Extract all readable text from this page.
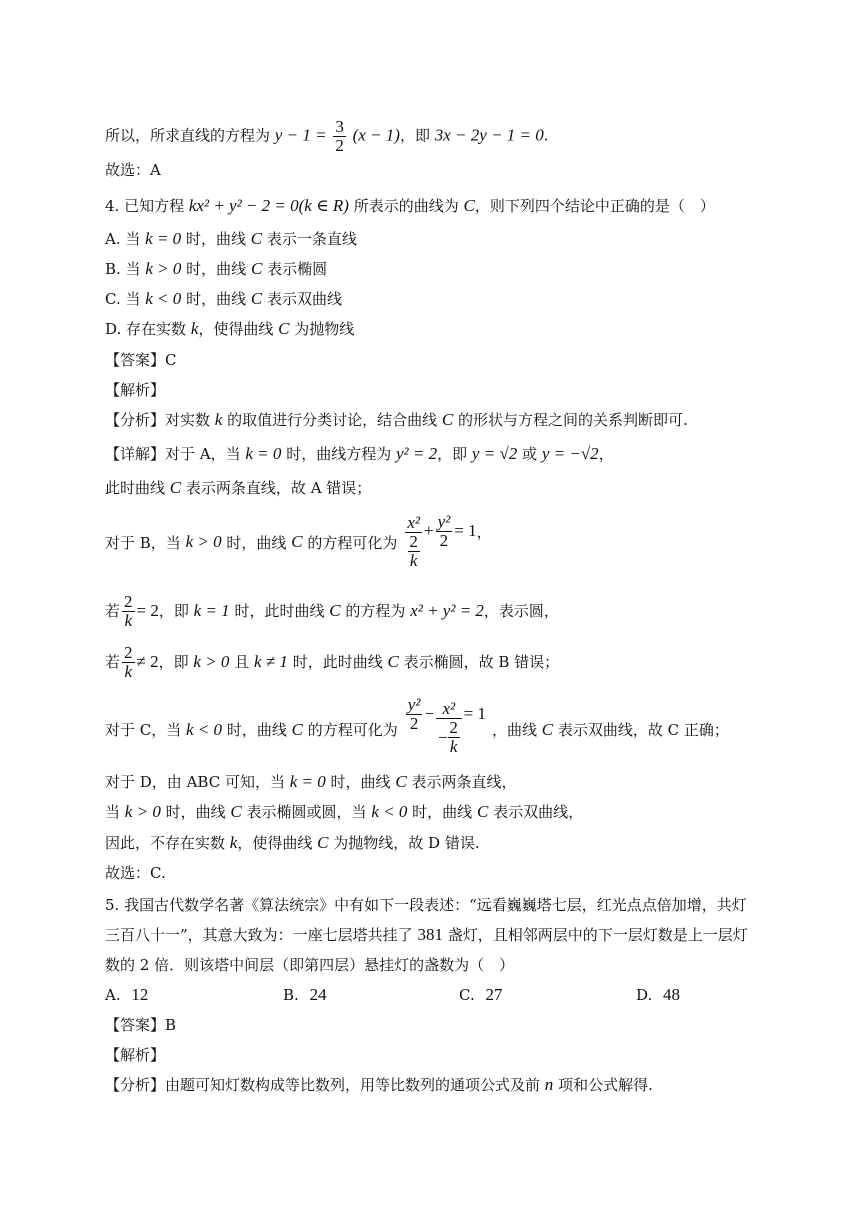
所以，所求直线的方程为 $y - 1 = \frac{3}{2} (x - 1)$，即 3x − 2y − 1 = 0.
故选：A
4. 已知方程 kx² + y² − 2 = 0(k ∈ R) 所表示的曲线为 C，则下列四个结论中正确的是（　）
A. 当 k = 0 时，曲线 C 表示一条直线
B. 当 k > 0 时，曲线 C 表示椭圆
C. 当 k < 0 时，曲线 C 表示双曲线
D. 存在实数 k，使得曲线 C 为抛物线
【答案】C
【解析】
【分析】对实数 k 的取值进行分类讨论，结合曲线 C 的形状与方程之间的关系判断即可.
【详解】对于 A，当 k = 0 时，曲线方程为 y² = 2，即 y = √2 或 y = −√2，
此时曲线 C 表示两条直线，故 A 错误；
对于 B，当
k > 0
时，曲线
C
的方程可化为 x²
2
$k + \frac{\text{y²}}{2} = 1$ ，
若 $\frac{2}{k} = 2$ ，即
k = 1
时，此时曲线
C
的方程为
x² + y² = 2 ，表示圆，
若 $\frac{2}{k} \ne 2$ ，即
k > 0
且
k ≠ 1
时，此时曲线
C
表示椭圆，故 B 错误；
对于 C，当
k < 0
时，曲线
C
的方程可化为 $\frac{\text{y²}}{2} - x^2$
− 2
k = 1
，曲线
C
表示双曲线，故 C 正确；
对于 D，由 ABC 可知，当 k = 0 时，曲线 C 表示两条直线，
当 k > 0 时，曲线 C 表示椭圆或圆，当 k < 0 时，曲线 C 表示双曲线，
因此，不存在实数 k，使得曲线 C 为抛物线，故 D 错误.
故选：C.
5. 我国古代数学名著《算法统宗》中有如下一段表述：“远看巍巍塔七层，红光点点倍加增，共灯
三百八十一”，其意大致为：一座七层塔共挂了 381 盏灯，且相邻两层中的下一层灯数是上一层灯
数的 2 倍．则该塔中间层（即第四层）悬挂灯的盏数为（　）
A. 12	B. 24	C. 27	D. 48
【答案】B
【解析】
【分析】由题可知灯数构成等比数列，用等比数列的通项公式及前 n 项和公式解得.
